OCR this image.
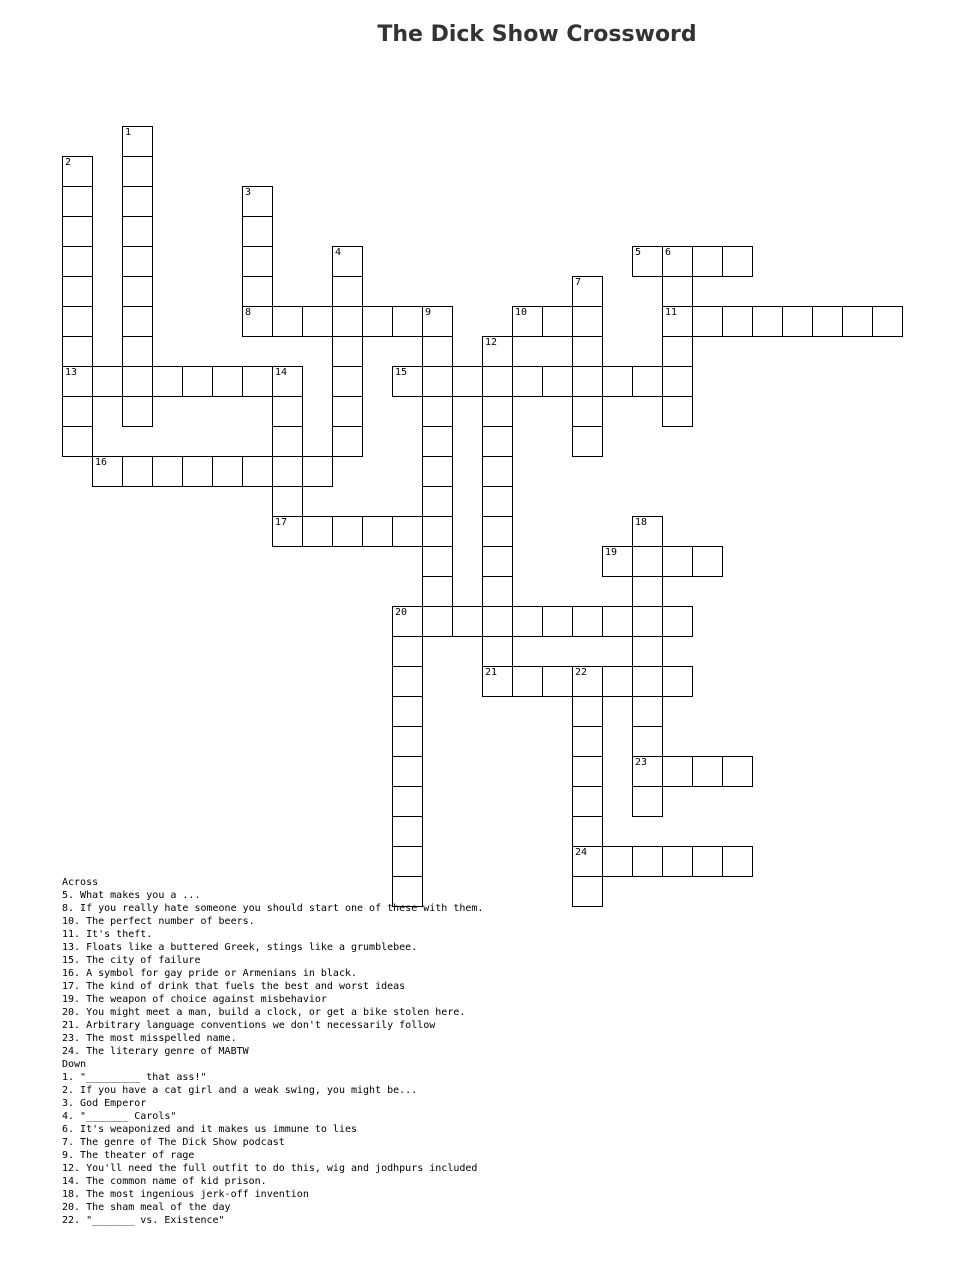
The Dick Show Crossword
1
2
13
3
4	5 6
11
7
8	9	10
12
14
17
15
16
18
23
19
20
21	22
24
Across
5. What makes you a ...
8. If you really hate someone you should start one of these with them.
10. The perfect number of beers.
11. It's theft.
13. Floats like a buttered Greek, stings like a grumblebee.
15. The city of failure
16. A symbol for gay pride or Armenians in black.
17. The kind of drink that fuels the best and worst ideas
19. The weapon of choice against misbehavior
20. You might meet a man, build a clock, or get a bike stolen here.
21. Arbitrary language conventions we don't necessarily follow
23. The most misspelled name.
24. The literary genre of MABTW
Down
1. "_________ that ass!"
2. If you have a cat girl and a weak swing, you might be...
3. God Emperor
4. "_______ Carols"
6. It's weaponized and it makes us immune to lies
7. The genre of The Dick Show podcast
9. The theater of rage
12. You'll need the full outfit to do this, wig and jodhpurs included
14. The common name of kid prison.
18. The most ingenious jerk-off invention
20. The sham meal of the day
22. "_______ vs. Existence"
